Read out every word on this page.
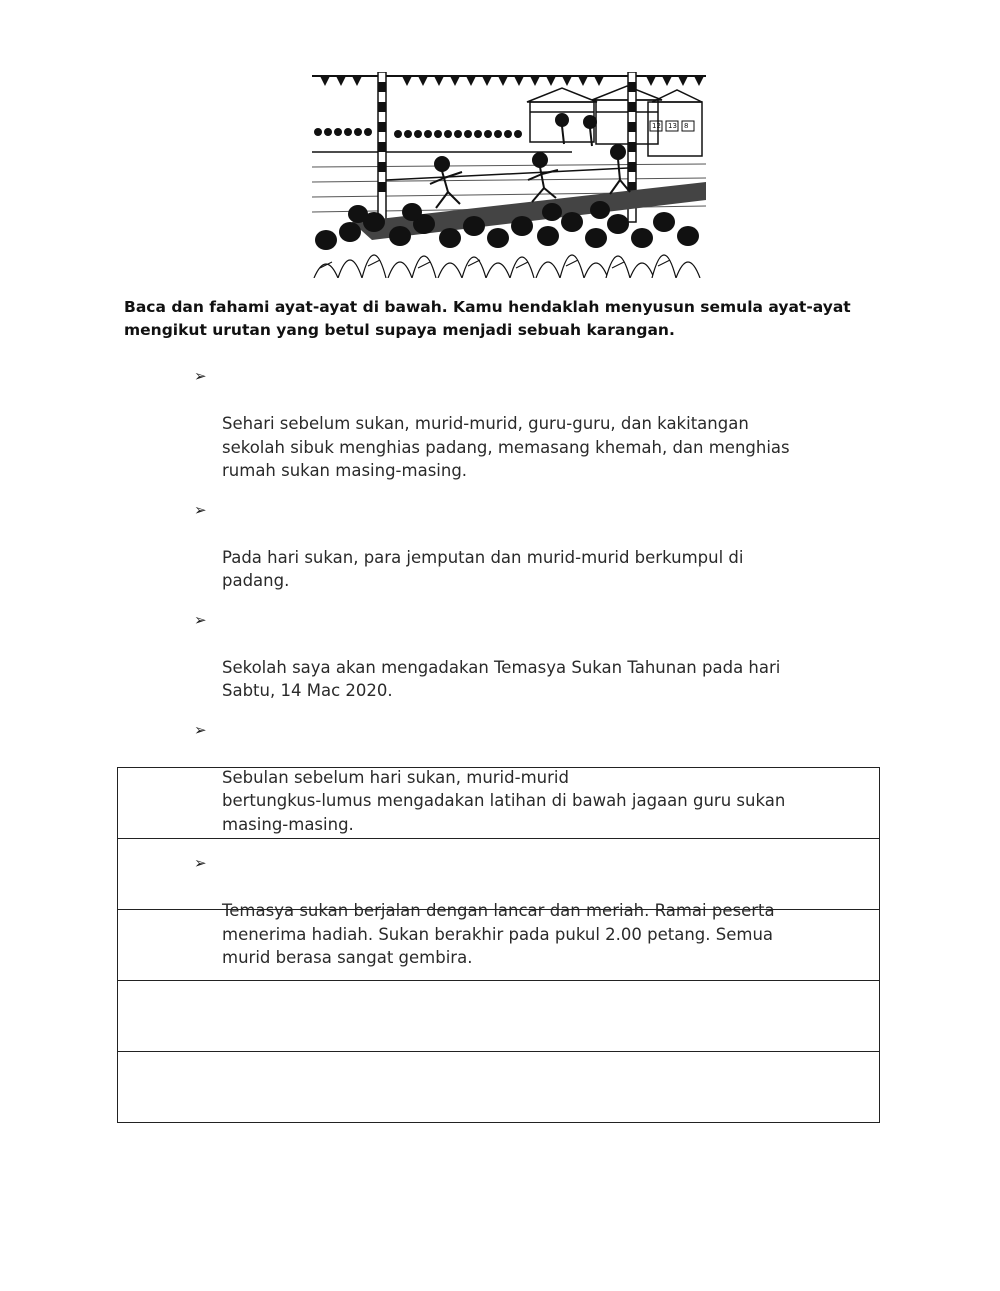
12 13 8
Baca dan fahami ayat-ayat di bawah. Kamu hendaklah menyusun semula ayat-ayat mengikut urutan yang betul supaya menjadi sebuah karangan.

➢

Sehari sebelum sukan, murid-murid, guru-guru, dan kakitangan
sekolah sibuk menghias padang, memasang khemah, dan menghias
rumah sukan masing-masing.

➢

Pada hari sukan, para jemputan dan murid-murid berkumpul di
padang.

➢

Sekolah saya akan mengadakan Temasya Sukan Tahunan pada hari
Sabtu, 14 Mac 2020.

➢

Sebulan sebelum hari sukan, murid-murid
bertungkus-lumus mengadakan latihan di bawah jagaan guru sukan
masing-masing.

➢

Temasya sukan berjalan dengan lancar dan meriah. Ramai peserta
menerima hadiah. Sukan berakhir pada pukul 2.00 petang. Semua
murid berasa sangat gembira.
